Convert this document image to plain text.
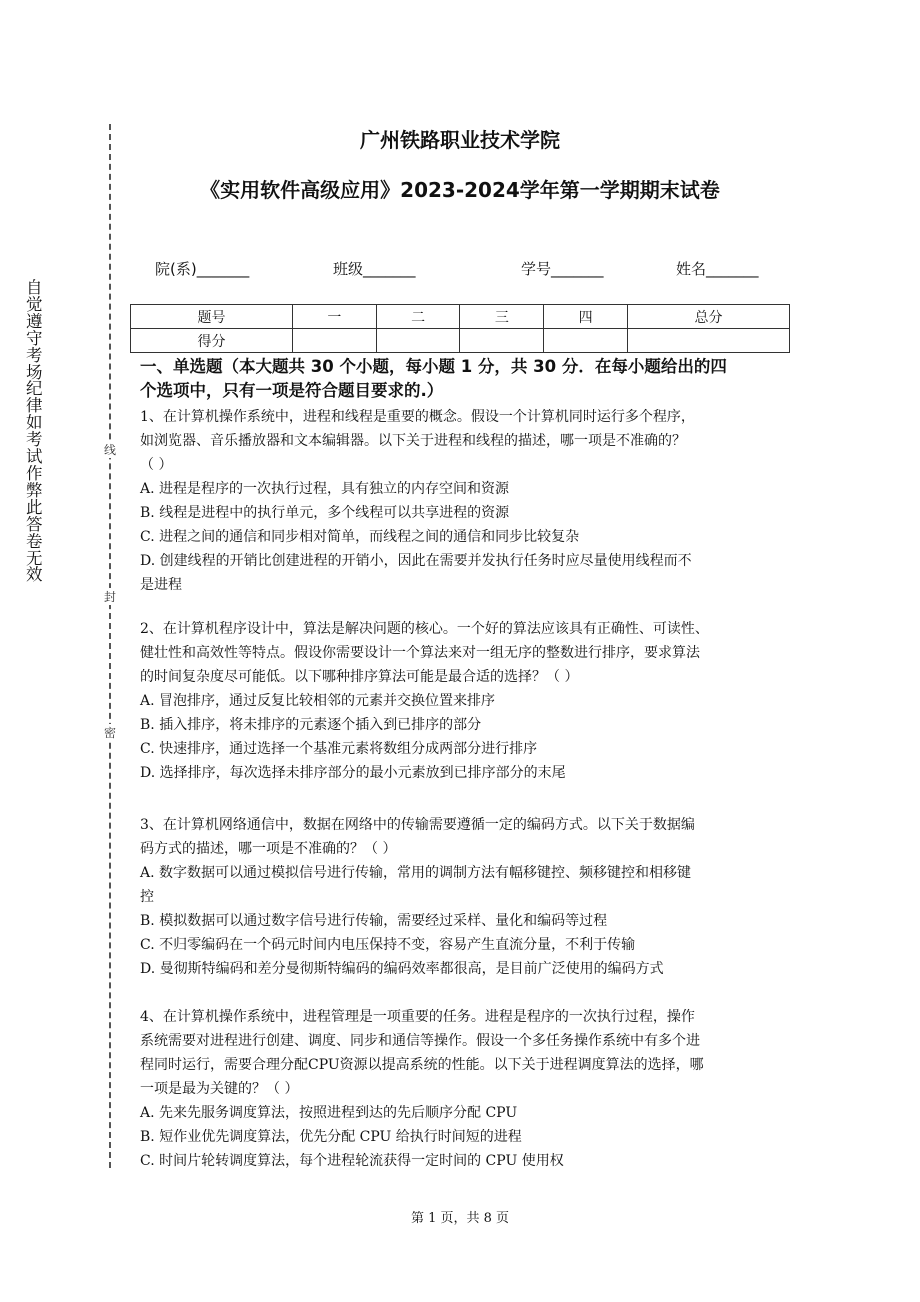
线
封
密
自觉遵守考场纪律如考试作弊此答卷无效
广州铁路职业技术学院
《实用软件高级应用》2023-2024学年第一学期期末试卷
院(系)_______	班级_______	学号_______	姓名_______
题号	一	二	三	四	总分
得分					
一、单选题（本大题共 30 个小题，每小题 1 分，共 30 分．在每小题给出的四
个选项中，只有一项是符合题目要求的.）
1、在计算机操作系统中，进程和线程是重要的概念。假设一个计算机同时运行多个程序，
如浏览器、音乐播放器和文本编辑器。以下关于进程和线程的描述，哪一项是不准确的？
（ ）
A. 进程是程序的一次执行过程，具有独立的内存空间和资源
B. 线程是进程中的执行单元，多个线程可以共享进程的资源
C. 进程之间的通信和同步相对简单，而线程之间的通信和同步比较复杂
D. 创建线程的开销比创建进程的开销小，因此在需要并发执行任务时应尽量使用线程而不
是进程
2、在计算机程序设计中，算法是解决问题的核心。一个好的算法应该具有正确性、可读性、
健壮性和高效性等特点。假设你需要设计一个算法来对一组无序的整数进行排序，要求算法
的时间复杂度尽可能低。以下哪种排序算法可能是最合适的选择？（ ）
A. 冒泡排序，通过反复比较相邻的元素并交换位置来排序
B. 插入排序，将未排序的元素逐个插入到已排序的部分
C. 快速排序，通过选择一个基准元素将数组分成两部分进行排序
D. 选择排序，每次选择未排序部分的最小元素放到已排序部分的末尾
3、在计算机网络通信中，数据在网络中的传输需要遵循一定的编码方式。以下关于数据编
码方式的描述，哪一项是不准确的？（ ）
A. 数字数据可以通过模拟信号进行传输，常用的调制方法有幅移键控、频移键控和相移键
控
B. 模拟数据可以通过数字信号进行传输，需要经过采样、量化和编码等过程
C. 不归零编码在一个码元时间内电压保持不变，容易产生直流分量，不利于传输
D. 曼彻斯特编码和差分曼彻斯特编码的编码效率都很高，是目前广泛使用的编码方式
4、在计算机操作系统中，进程管理是一项重要的任务。进程是程序的一次执行过程，操作
系统需要对进程进行创建、调度、同步和通信等操作。假设一个多任务操作系统中有多个进
程同时运行，需要合理分配CPU资源以提高系统的性能。以下关于进程调度算法的选择，哪
一项是最为关键的？（ ）
A. 先来先服务调度算法，按照进程到达的先后顺序分配 CPU
B. 短作业优先调度算法，优先分配 CPU 给执行时间短的进程
C. 时间片轮转调度算法，每个进程轮流获得一定时间的 CPU 使用权
第 1 页，共 8 页
